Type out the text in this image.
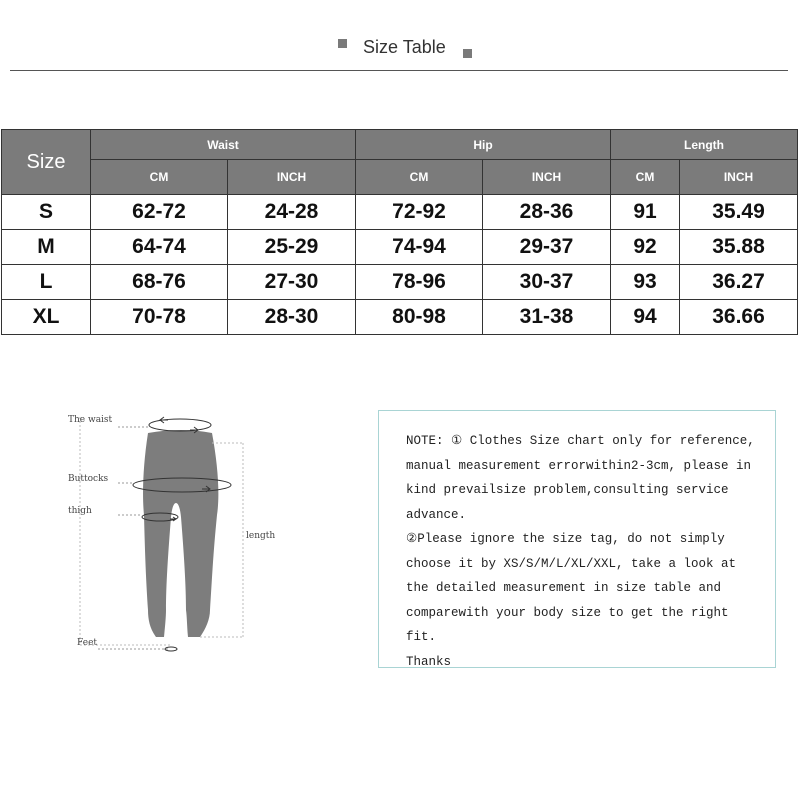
Size Table
Size	Waist		Hip		Length	
	CM	INCH	CM	INCH	CM	INCH
S	62-72	24-28	72-92	28-36	91	35.49
M	64-74	25-29	74-94	29-37	92	35.88
L	68-76	27-30	78-96	30-37	93	36.27
XL	70-78	28-30	80-98	31-38	94	36.66
The waist
Buttocks
thigh
length
Feet

NOTE: ① Clothes Size chart only for reference,

manual measurement errorwithin2-3cm, please in

kind prevailsize problem,consulting service

advance.

②Please ignore the size tag, do not simply

choose it by XS/S/M/L/XL/XXL, take a look at

the detailed measurement in size table and

comparewith your body size to get the right fit.

Thanks
